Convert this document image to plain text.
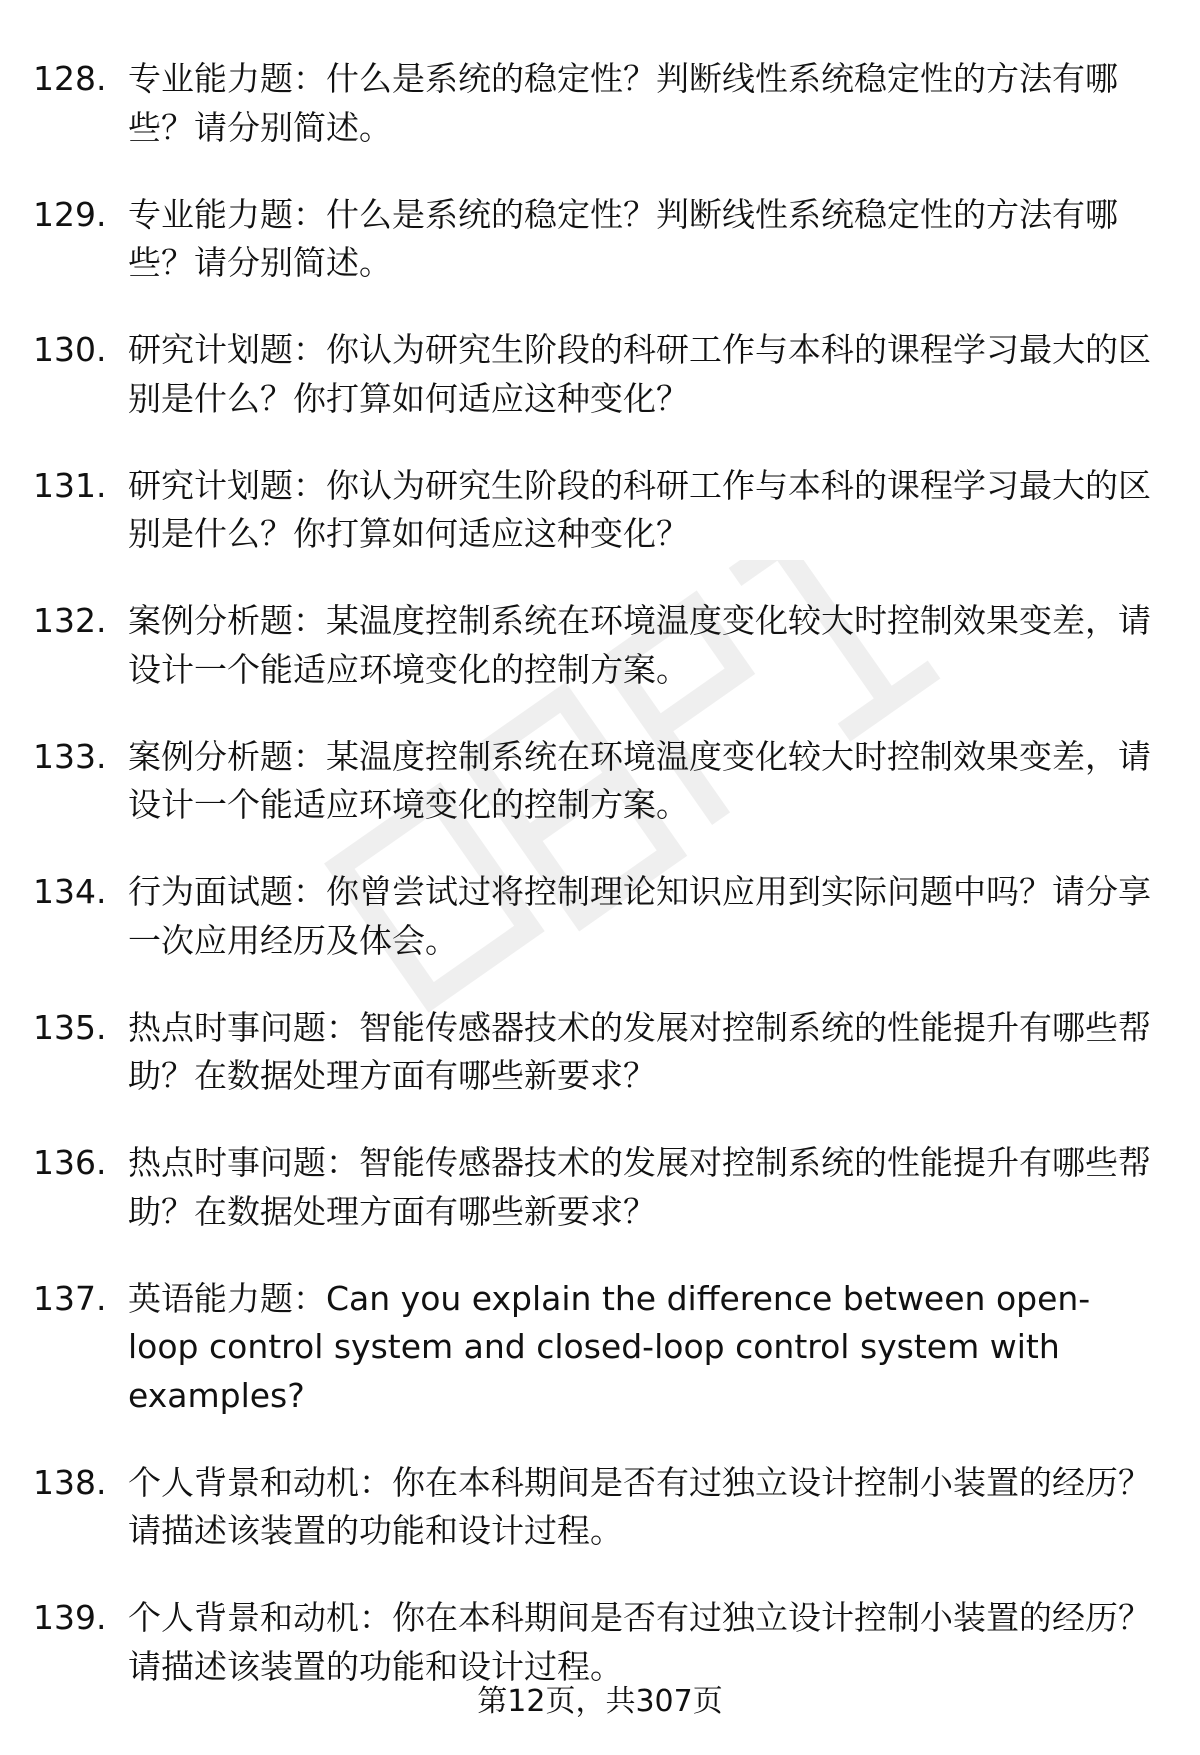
128. 专业能力题：什么是系统的稳定性？判断线性系统稳定性的方法有哪些？请分别简述。
129. 专业能力题：什么是系统的稳定性？判断线性系统稳定性的方法有哪些？请分别简述。
130. 研究计划题：你认为研究生阶段的科研工作与本科的课程学习最大的区别是什么？你打算如何适应这种变化？
131. 研究计划题：你认为研究生阶段的科研工作与本科的课程学习最大的区别是什么？你打算如何适应这种变化？
132. 案例分析题：某温度控制系统在环境温度变化较大时控制效果变差，请设计一个能适应环境变化的控制方案。
133. 案例分析题：某温度控制系统在环境温度变化较大时控制效果变差，请设计一个能适应环境变化的控制方案。
134. 行为面试题：你曾尝试过将控制理论知识应用到实际问题中吗？请分享一次应用经历及体会。
135. 热点时事问题：智能传感器技术的发展对控制系统的性能提升有哪些帮助？在数据处理方面有哪些新要求？
136. 热点时事问题：智能传感器技术的发展对控制系统的性能提升有哪些帮助？在数据处理方面有哪些新要求？
137. 英语能力题：Can you explain the difference between open-loop control system and closed-loop control system with examples?
138. 个人背景和动机：你在本科期间是否有过独立设计控制小装置的经历？请描述该装置的功能和设计过程。
139. 个人背景和动机：你在本科期间是否有过独立设计控制小装置的经历？请描述该装置的功能和设计过程。
第12页，共307页
